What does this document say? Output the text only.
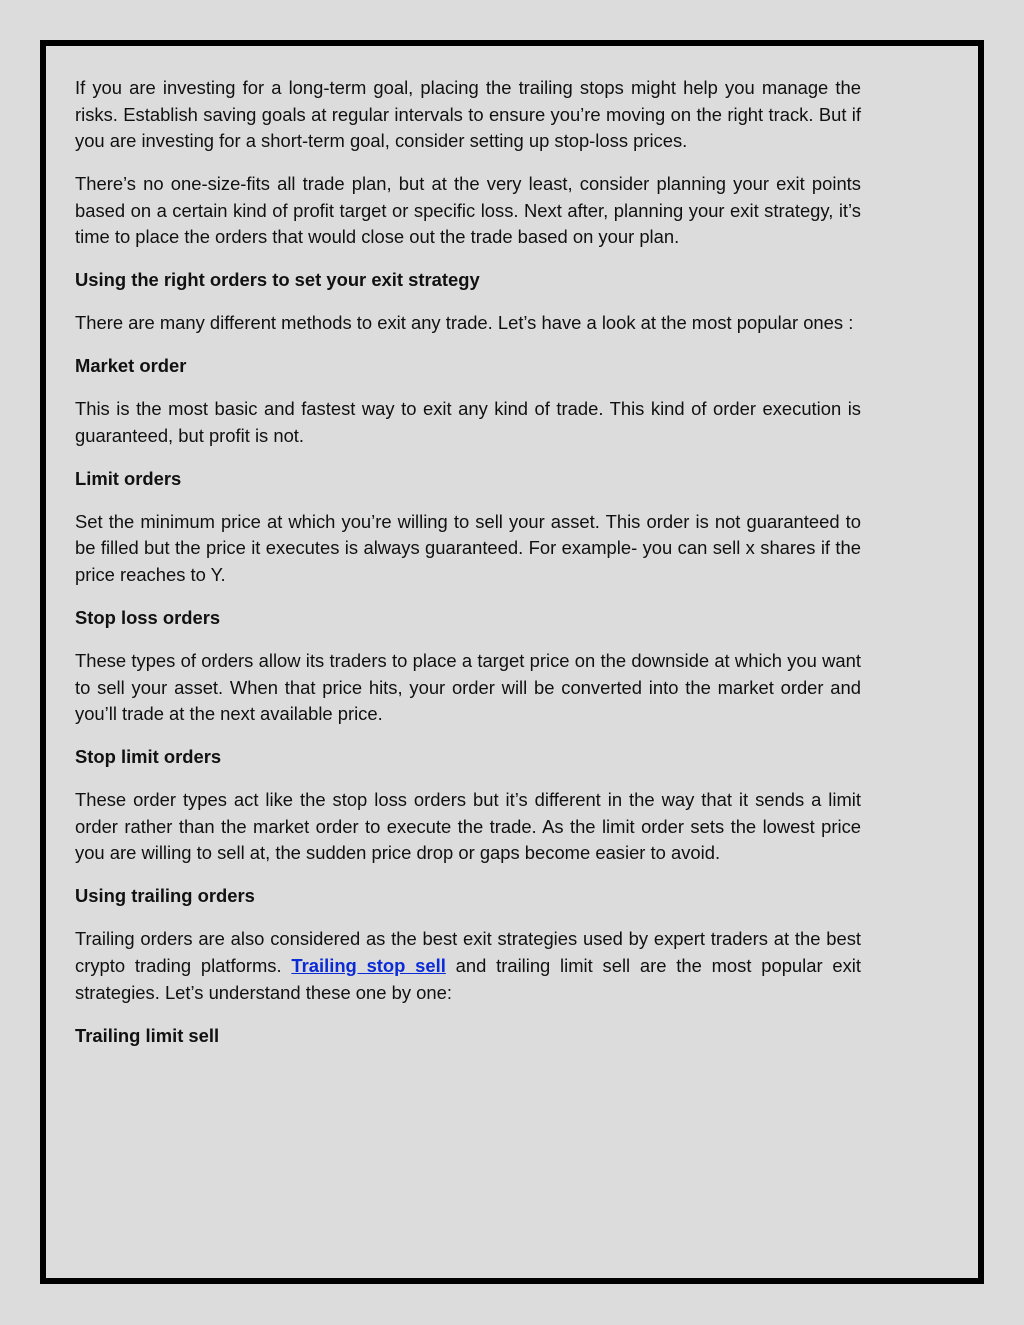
If you are investing for a long-term goal, placing the trailing stops might help you manage the risks. Establish saving goals at regular intervals to ensure you’re moving on the right track. But if you are investing for a short-term goal, consider setting up stop-loss prices.

There’s no one-size-fits all trade plan, but at the very least, consider planning your exit points based on a certain kind of profit target or specific loss. Next after, planning your exit strategy, it’s time to place the orders that would close out the trade based on your plan.

Using the right orders to set your exit strategy

There are many different methods to exit any trade. Let’s have a look at the most popular ones :

Market order

This is the most basic and fastest way to exit any kind of trade. This kind of order execution is guaranteed, but profit is not.

Limit orders

Set the minimum price at which you’re willing to sell your asset. This order is not guaranteed to be filled but the price it executes is always guaranteed. For example- you can sell x shares if the price reaches to Y.

Stop loss orders

These types of orders allow its traders to place a target price on the downside at which you want to sell your asset. When that price hits, your order will be converted into the market order and you’ll trade at the next available price.

Stop limit orders

These order types act like the stop loss orders but it’s different in the way that it sends a limit order rather than the market order to execute the trade. As the limit order sets the lowest price you are willing to sell at, the sudden price drop or gaps become easier to avoid.

Using trailing orders

Trailing orders are also considered as the best exit strategies used by expert traders at the best crypto trading platforms. Trailing stop sell and trailing limit sell are the most popular exit strategies. Let’s understand these one by one:

Trailing limit sell
